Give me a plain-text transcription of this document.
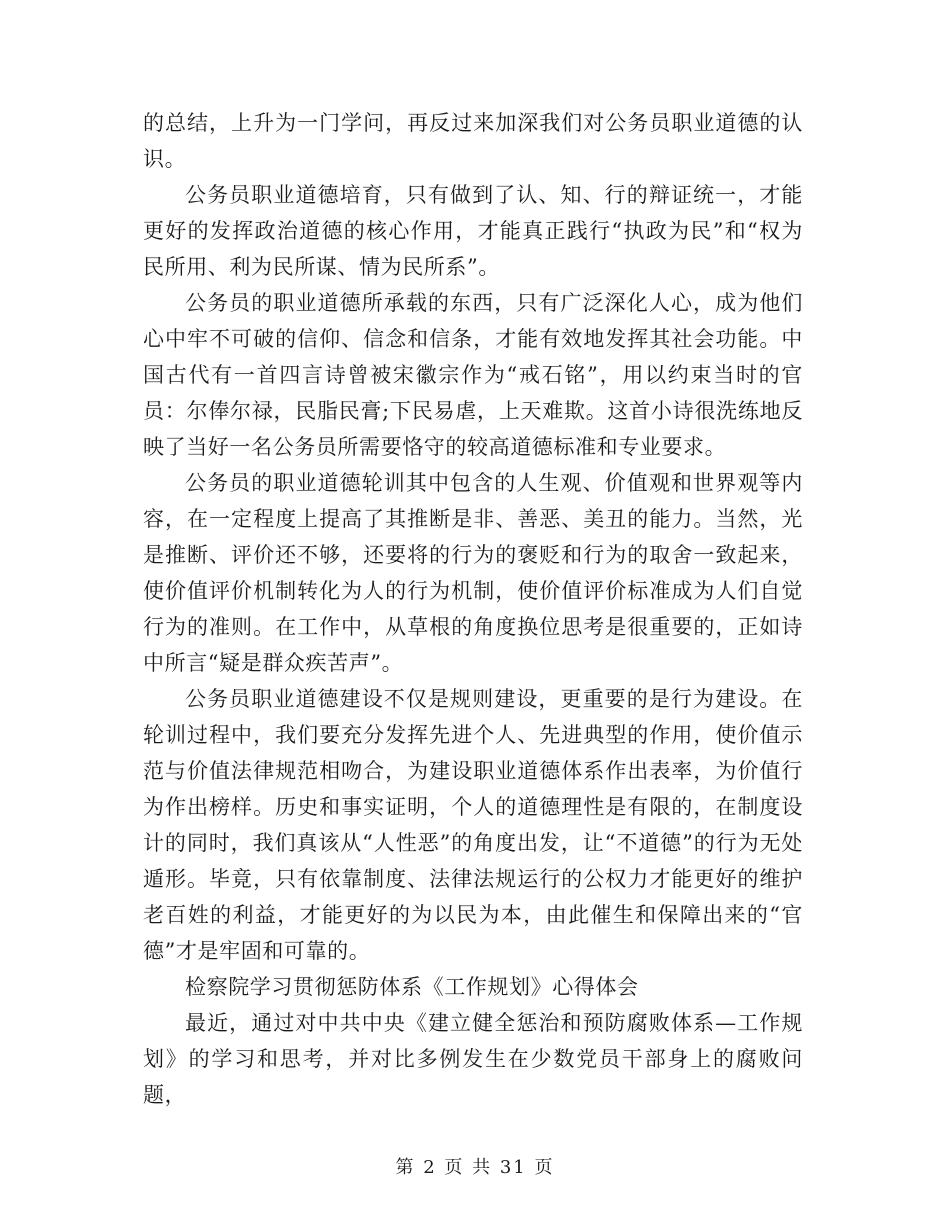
的总结，上升为一门学问，再反过来加深我们对公务员职业道德的认识。

公务员职业道德培育，只有做到了认、知、行的辩证统一，才能更好的发挥政治道德的核心作用，才能真正践行“执政为民”和“权为民所用、利为民所谋、情为民所系”。

公务员的职业道德所承载的东西，只有广泛深化人心，成为他们心中牢不可破的信仰、信念和信条，才能有效地发挥其社会功能。中国古代有一首四言诗曾被宋徽宗作为“戒石铭”，用以约束当时的官员：尔俸尔禄，民脂民膏;下民易虐，上天难欺。这首小诗很洗练地反映了当好一名公务员所需要恪守的较高道德标准和专业要求。

公务员的职业道德轮训其中包含的人生观、价值观和世界观等内容，在一定程度上提高了其推断是非、善恶、美丑的能力。当然，光是推断、评价还不够，还要将的行为的褒贬和行为的取舍一致起来，使价值评价机制转化为人的行为机制，使价值评价标准成为人们自觉行为的准则。在工作中，从草根的角度换位思考是很重要的，正如诗中所言“疑是群众疾苦声”。

公务员职业道德建设不仅是规则建设，更重要的是行为建设。在轮训过程中，我们要充分发挥先进个人、先进典型的作用，使价值示范与价值法律规范相吻合，为建设职业道德体系作出表率，为价值行为作出榜样。历史和事实证明，个人的道德理性是有限的，在制度设计的同时，我们真该从“人性恶”的角度出发，让“不道德”的行为无处遁形。毕竟，只有依靠制度、法律法规运行的公权力才能更好的维护老百姓的利益，才能更好的为以民为本，由此催生和保障出来的“官德”才是牢固和可靠的。

检察院学习贯彻惩防体系《工作规划》心得体会

最近，通过对中共中央《建立健全惩治和预防腐败体系—工作规划》的学习和思考，并对比多例发生在少数党员干部身上的腐败问题，

第 2 页 共 31 页
